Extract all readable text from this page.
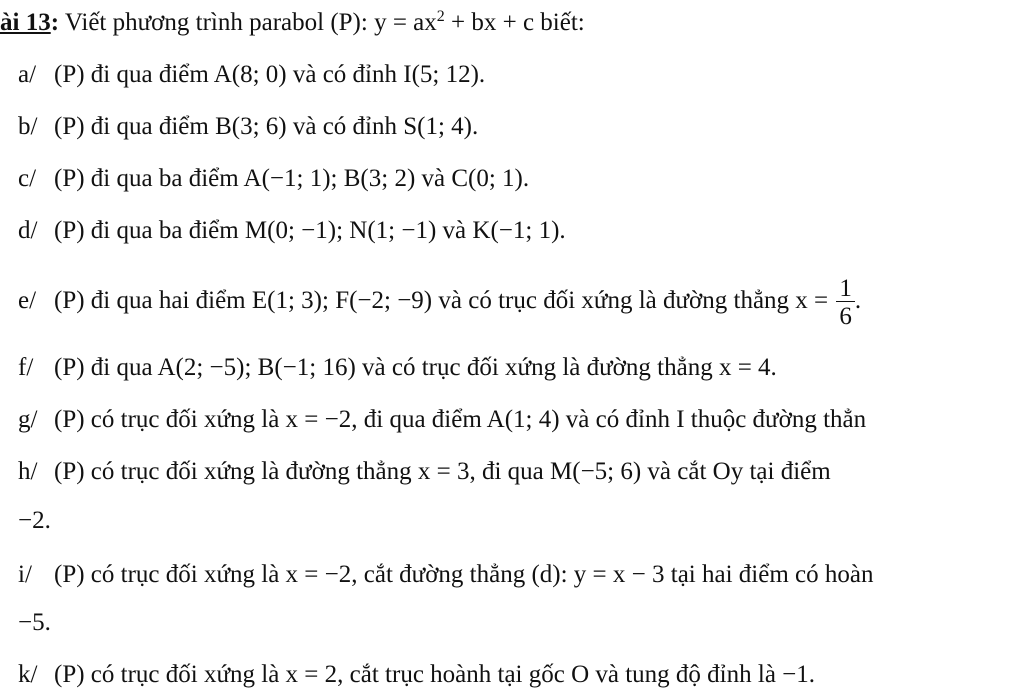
ài 13: Viết phương trình parabol (P): $y = ax^2$ + bx + c biết:
a/ (P) đi qua điểm A(8; 0) và có đỉnh I(5; 12).
b/ (P) đi qua điểm B(3; 6) và có đỉnh S(1; 4).
c/ (P) đi qua ba điểm A(−1; 1); B(3; 2) và C(0; 1).
d/ (P) đi qua ba điểm M(0; −1); N(1; −1) và K(−1; 1).
e/ (P) đi qua hai điểm E(1; 3); F(−2; −9) và có trục đối xứng là đường thẳng $x = \frac{1}{6}$ .
f/ (P) đi qua A(2; −5); B(−1; 16) và có trục đối xứng là đường thẳng x = 4.
g/ (P) có trục đối xứng là x = −2, đi qua điểm A(1; 4) và có đỉnh I thuộc đường thẳn
h/ (P) có trục đối xứng là đường thẳng x = 3, đi qua M(−5; 6) và cắt Oy tại điểm
−2.
i/ (P) có trục đối xứng là x = −2, cắt đường thẳng (d): y = x − 3 tại hai điểm có hoàn
−5.
k/ (P) có trục đối xứng là x = 2, cắt trục hoành tại gốc O và tung độ đỉnh là −1.
